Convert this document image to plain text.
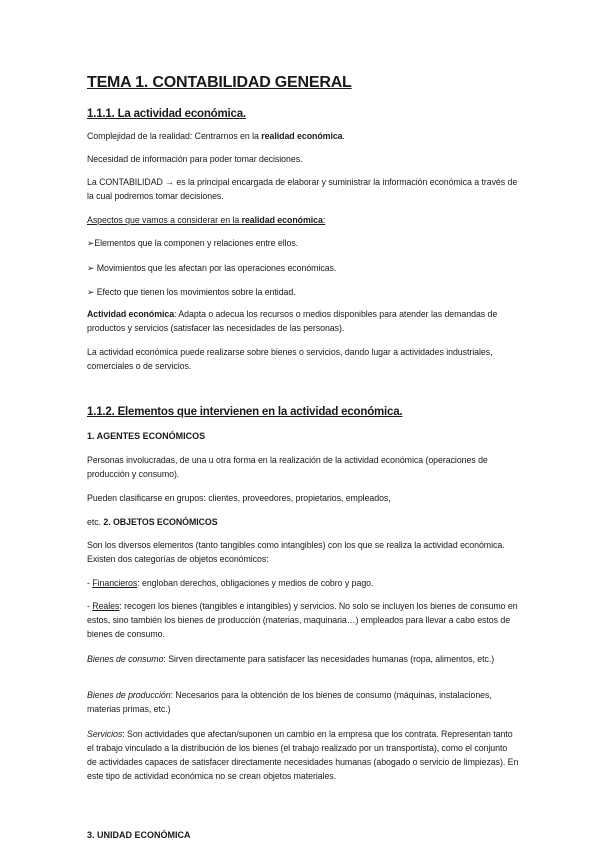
TEMA 1. CONTABILIDAD GENERAL
1.1.1. La actividad económica.
Complejidad de la realidad: Centrarnos en la realidad económica.
Necesidad de información para poder tomar decisiones.
La CONTABILIDAD → es la principal encargada de elaborar y suministrar la información económica a través de la cual podremos tomar decisiones.
Aspectos que vamos a considerar en la realidad económica:
➢Elementos que la componen y relaciones entre ellos.
➢ Movimientos que les afectan por las operaciones económicas.
➢ Efecto que tienen los movimientos sobre la entidad.
Actividad económica: Adapta o adecua los recursos o medios disponibles para atender las demandas de productos y servicios (satisfacer las necesidades de las personas).
La actividad económica puede realizarse sobre bienes o servicios, dando lugar a actividades industriales, comerciales o de servicios.
1.1.2. Elementos que intervienen en la actividad económica.
1. AGENTES ECONÓMICOS
Personas involucradas, de una u otra forma en la realización de la actividad económica (operaciones de producción y consumo).
Pueden clasificarse en grupos: clientes, proveedores, propietarios, empleados,
etc. 2. OBJETOS ECONÓMICOS
Son los diversos elementos (tanto tangibles como intangibles) con los que se realiza la actividad económica. Existen dos categorías de objetos económicos:
- Financieros: engloban derechos, obligaciones y medios de cobro y pago.
- Reales: recogen los bienes (tangibles e intangibles) y servicios. No solo se incluyen los bienes de consumo en estos, sino también los bienes de producción (materias, maquinaria…) empleados para llevar a cabo estos de bienes de consumo.
Bienes de consumo: Sirven directamente para satisfacer las necesidades humanas (ropa, alimentos, etc.)
Bienes de producción: Necesarios para la obtención de los bienes de consumo (máquinas, instalaciones, materias primas, etc.)
Servicios: Son actividades que afectan/suponen un cambio en la empresa que los contrata. Representan tanto el trabajo vinculado a la distribución de los bienes (el trabajo realizado por un transportista), como el conjunto de actividades capaces de satisfacer directamente necesidades humanas (abogado o servicio de limpiezas). En este tipo de actividad económica no se crean objetos materiales.
3. UNIDAD ECONÓMICA
